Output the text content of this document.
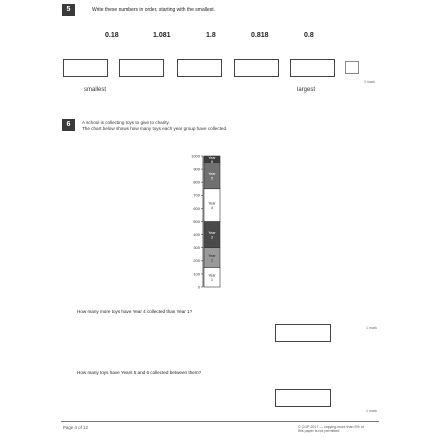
5	Write these numbers in order, starting with the smallest.
0.18	1.081	1.8	0.818	0.8
smallest	largest
1 mark
6	A school is collecting toys to give to charity.
The chart below shows how many toys each year group have collected.
1000
900
800
700
600
500
400
300
200
100
0
Year
1
Year
2
Year
3
Year
4
Year
5
Year
6
How many more toys have Year 4 collected than Year 1?
1 mark
How many toys have Years 5 and 6 collected between them?
1 mark
Page 4 of 12	© CGP 2017 — copying more than 5% of this paper is not permitted
